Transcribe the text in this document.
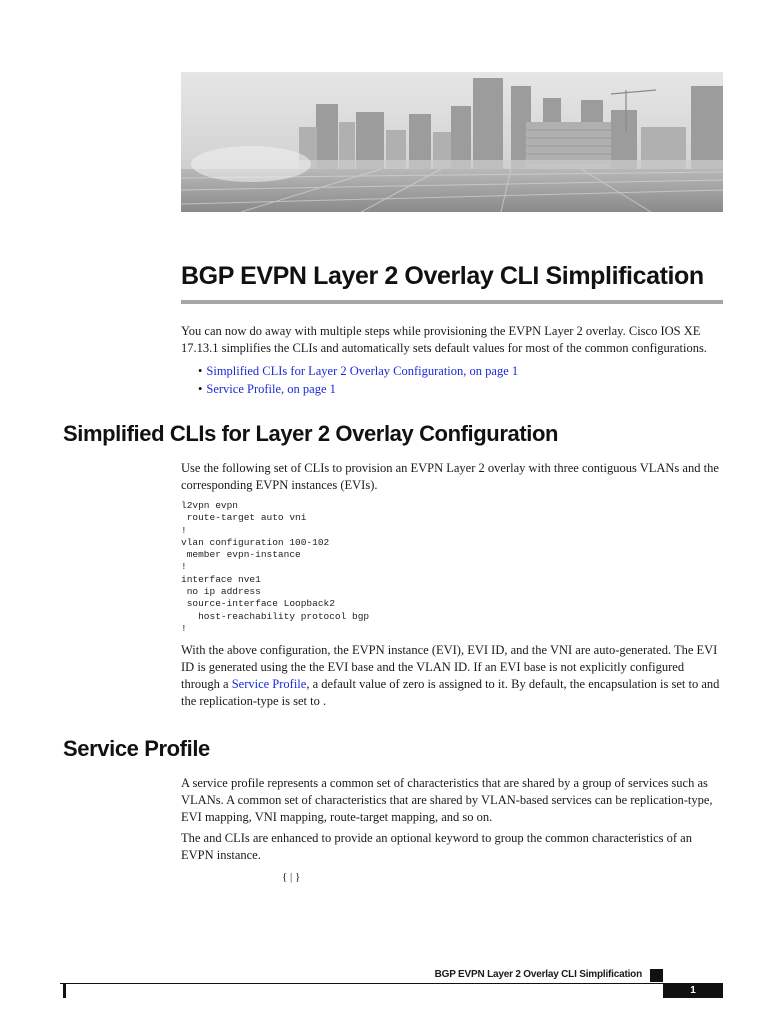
BGP EVPN Layer 2 Overlay CLI Simplification

You can now do away with multiple steps while provisioning the EVPN Layer 2 overlay. Cisco IOS XE 17.13.1 simplifies the CLIs and automatically sets default values for most of the common configurations.

• Simplified CLIs for Layer 2 Overlay Configuration, on page 1
• Service Profile, on page 1
Simplified CLIs for Layer 2 Overlay Configuration

Use the following set of CLIs to provision an EVPN Layer 2 overlay with three contiguous VLANs and the corresponding EVPN instances (EVIs).

l2vpn evpn
route-target auto vni
!
vlan configuration 100-102
member evpn-instance
!
interface nve1
no ip address
source-interface Loopback2
host-reachability protocol bgp
!

With the above configuration, the EVPN instance (EVI), EVI ID, and the VNI are auto-generated. The EVI ID is generated using the the EVI base and the VLAN ID. If an EVI base is not explicitly configured through a Service Profile, a default value of zero is assigned to it. By default, the encapsulation is set to and the replication-type is set to .

Service Profile

A service profile represents a common set of characteristics that are shared by a group of services such as VLANs. A common set of characteristics that are shared by VLAN-based services can be replication-type, EVI mapping, VNI mapping, route-target mapping, and so on.

The and CLIs are enhanced to provide an optional keyword to group the common characteristics of an EVPN instance.

{ | }

BGP EVPN Layer 2 Overlay CLI Simplification
1
